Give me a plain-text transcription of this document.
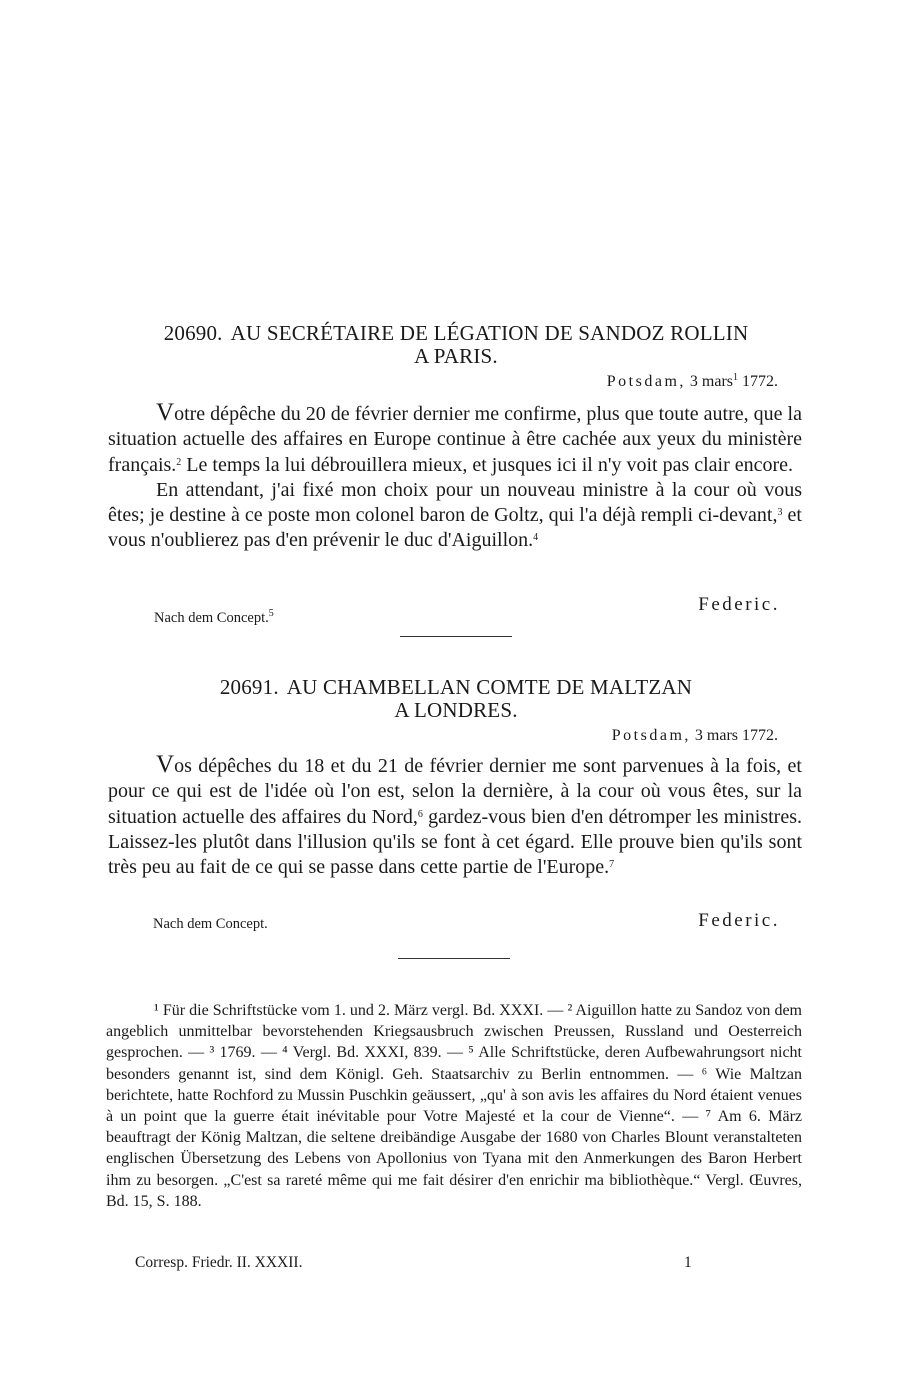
20690. AU SECRÉTAIRE DE LÉGATION DE SANDOZ ROLLIN
A PARIS.
Potsdam, 3 mars$^1$ 1772.

Votre dépêche du 20 de février dernier me confirme, plus que toute autre, que la situation actuelle des affaires en Europe continue à être cachée aux yeux du ministère français.$^2$ Le temps la lui débrouillera mieux, et jusques ici il n'y voit pas clair encore.

En attendant, j'ai fixé mon choix pour un nouveau ministre à la cour où vous êtes; je destine à ce poste mon colonel baron de Goltz, qui l'a déjà rempli ci-devant,$^3$ et vous n'oublierez pas d'en prévenir le duc d'Aiguillon.$^4$

Nach dem Concept.$^5$	Federic.
20691. AU CHAMBELLAN COMTE DE MALTZAN
A LONDRES.
Potsdam, 3 mars 1772.

Vos dépêches du 18 et du 21 de février dernier me sont parvenues à la fois, et pour ce qui est de l'idée où l'on est, selon la dernière, à la cour où vous êtes, sur la situation actuelle des affaires du Nord,$^6$ gardez-vous bien d'en détromper les ministres. Laissez-les plutôt dans l'illusion qu'ils se font à cet égard. Elle prouve bien qu'ils sont très peu au fait de ce qui se passe dans cette partie de l'Europe.$^7$

Nach dem Concept.	Federic.

¹ Für die Schriftstücke vom 1. und 2. März vergl. Bd. XXXI. — ² Aiguillon hatte zu Sandoz von dem angeblich unmittelbar bevorstehenden Kriegsausbruch zwischen Preussen, Russland und Oesterreich gesprochen. — ³ 1769. — ⁴ Vergl. Bd. XXXI, 839. — ⁵ Alle Schriftstücke, deren Aufbewahrungsort nicht besonders genannt ist, sind dem Königl. Geh. Staatsarchiv zu Berlin entnommen. — ⁶ Wie Maltzan berichtete, hatte Rochford zu Mussin Puschkin geäussert, „qu' à son avis les affaires du Nord étaient venues à un point que la guerre était inévitable pour Votre Majesté et la cour de Vienne“. — ⁷ Am 6. März beauftragt der König Maltzan, die seltene dreibändige Ausgabe der 1680 von Charles Blount veranstalteten englischen Übersetzung des Lebens von Apollonius von Tyana mit den Anmerkungen des Baron Herbert ihm zu besorgen. „C'est sa rareté même qui me fait désirer d'en enrichir ma bibliothèque.“ Vergl. Œuvres, Bd. 15, S. 188.

Corresp. Friedr. II. XXXII.	1
